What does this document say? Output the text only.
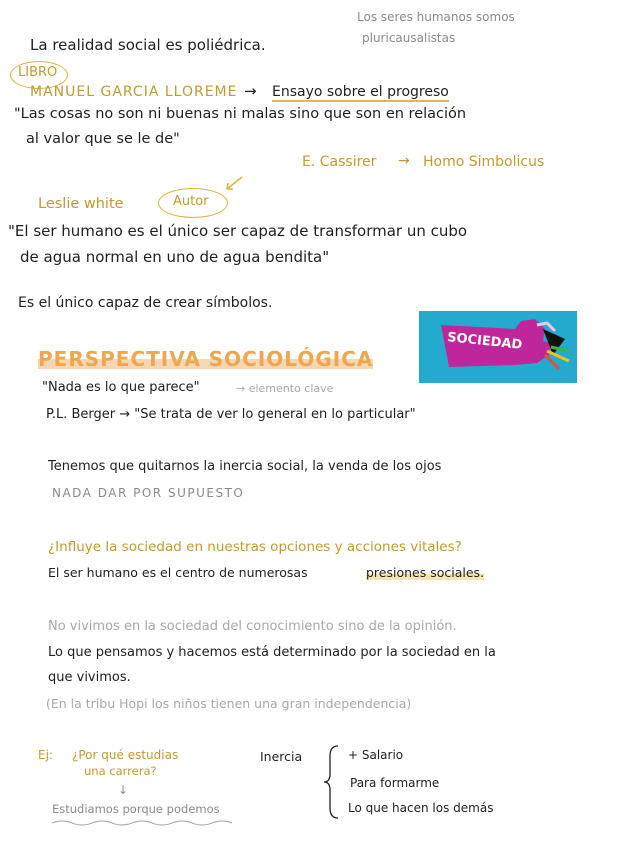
Los seres humanos somos
pluricausalistas
La realidad social es poliédrica.
LIBRO
MANUEL GARCIA LLOREME → Ensayo sobre el progreso
"Las cosas no son ni buenas ni malas sino que son en relación
al valor que se le de"
E. Cassirer → Homo Simbolicus
Leslie white	Autor
"El ser humano es el único ser capaz de transformar un cubo
de agua normal en uno de agua bendita"
Es el único capaz de crear símbolos.
SOCIEDAD
PERSPECTIVA SOCIOLÓGICA
"Nada es lo que parece"	→ elemento clave
P.L. Berger → "Se trata de ver lo general en lo particular"
Tenemos que quitarnos la inercia social, la venda de los ojos
NADA DAR POR SUPUESTO
¿Influye la sociedad en nuestras opciones y acciones vitales?
El ser humano es el centro de numerosas	presiones sociales.
No vivimos en la sociedad del conocimiento sino de la opinión.
Lo que pensamos y hacemos está determinado por la sociedad en la
que vivimos.
(En la tribu Hopi los niños tienen una gran independencia)
Ej: ¿Por qué estudias
una carrera?
↓
Estudiamos porque podemos
Inercia	+ Salario
Para formarme
Lo que hacen los demás
